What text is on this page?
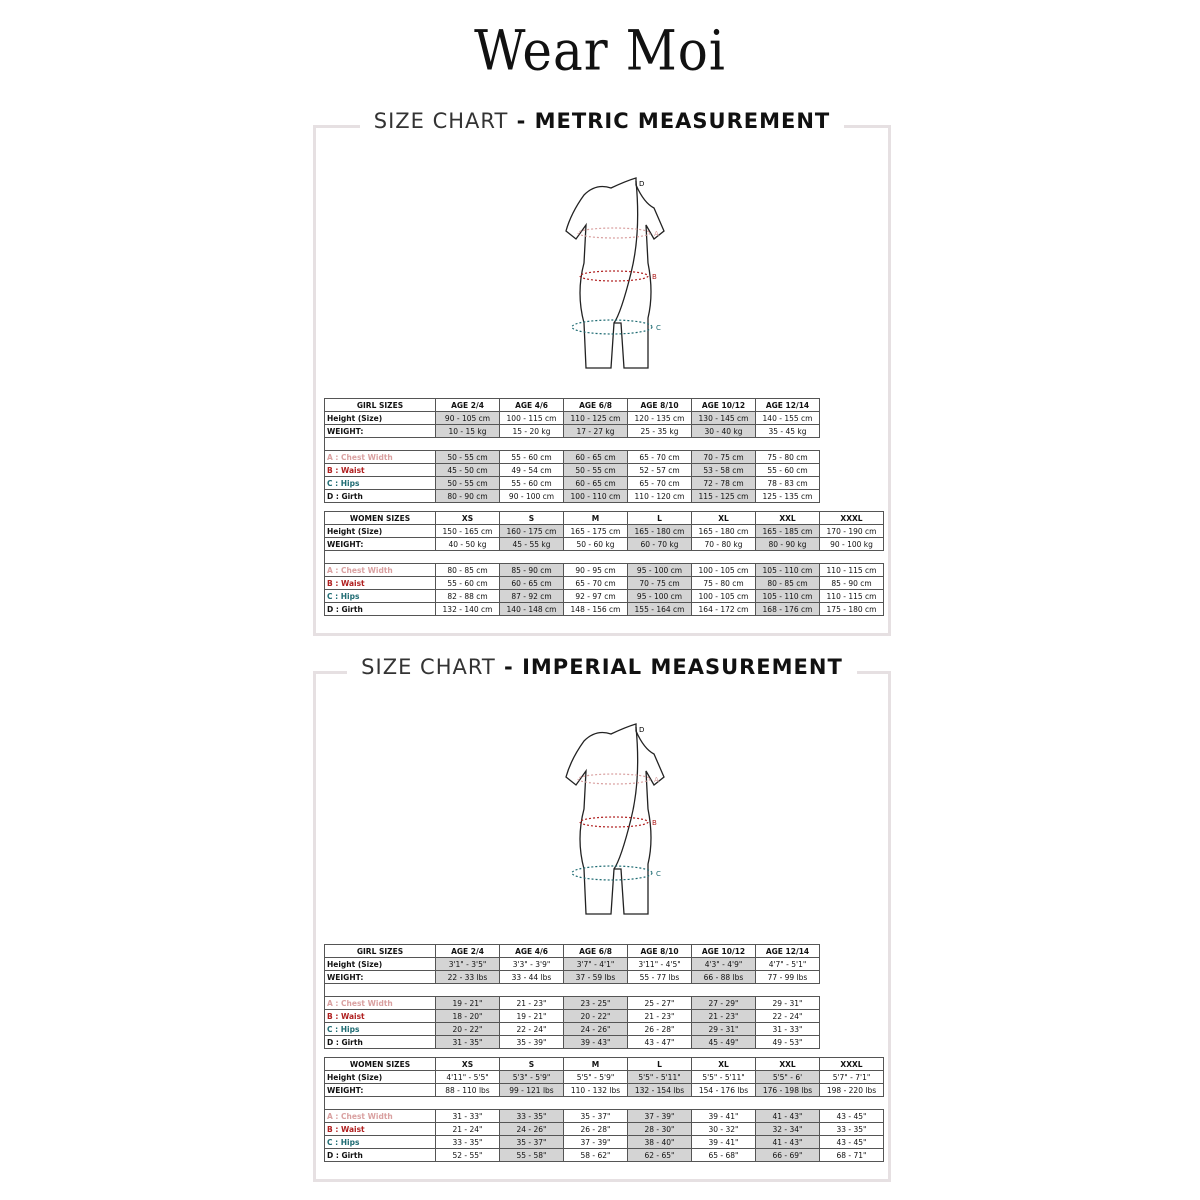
Wear Moi
SIZE CHART - METRIC MEASUREMENT
D
A
B
C
GIRL SIZES	AGE 2/4	AGE 4/6	AGE 6/8	AGE 8/10	AGE 10/12	AGE 12/14
Height (Size)	90 - 105 cm	100 - 115 cm	110 - 125 cm	120 - 135 cm	130 - 145 cm	140 - 155 cm
WEIGHT:	10 - 15 kg	15 - 20 kg	17 - 27 kg	25 - 35 kg	30 - 40 kg	35 - 45 kg

A : Chest Width	50 - 55 cm	55 - 60 cm	60 - 65 cm	65 - 70 cm	70 - 75 cm	75 - 80 cm
B : Waist	45 - 50 cm	49 - 54 cm	50 - 55 cm	52 - 57 cm	53 - 58 cm	55 - 60 cm
C : Hips	50 - 55 cm	55 - 60 cm	60 - 65 cm	65 - 70 cm	72 - 78 cm	78 - 83 cm
D : Girth	80 - 90 cm	90 - 100 cm	100 - 110 cm	110 - 120 cm	115 - 125 cm	125 - 135 cm
WOMEN SIZES	XS	S	M	L	XL	XXL	XXXL
Height (Size)	150 - 165 cm	160 - 175 cm	165 - 175 cm	165 - 180 cm	165 - 180 cm	165 - 185 cm	170 - 190 cm
WEIGHT:	40 - 50 kg	45 - 55 kg	50 - 60 kg	60 - 70 kg	70 - 80 kg	80 - 90 kg	90 - 100 kg

A : Chest Width	80 - 85 cm	85 - 90 cm	90 - 95 cm	95 - 100 cm	100 - 105 cm	105 - 110 cm	110 - 115 cm
B : Waist	55 - 60 cm	60 - 65 cm	65 - 70 cm	70 - 75 cm	75 - 80 cm	80 - 85 cm	85 - 90 cm
C : Hips	82 - 88 cm	87 - 92 cm	92 - 97 cm	95 - 100 cm	100 - 105 cm	105 - 110 cm	110 - 115 cm
D : Girth	132 - 140 cm	140 - 148 cm	148 - 156 cm	155 - 164 cm	164 - 172 cm	168 - 176 cm	175 - 180 cm
SIZE CHART - IMPERIAL MEASUREMENT
D
A
B
C
GIRL SIZES	AGE 2/4	AGE 4/6	AGE 6/8	AGE 8/10	AGE 10/12	AGE 12/14
Height (Size)	3'1" - 3'5"	3'3" - 3'9"	3'7" - 4'1"	3'11" - 4'5"	4'3" - 4'9"	4'7" - 5'1"
WEIGHT:	22 - 33 lbs	33 - 44 lbs	37 - 59 lbs	55 - 77 lbs	66 - 88 lbs	77 - 99 lbs

A : Chest Width	19 - 21"	21 - 23"	23 - 25"	25 - 27"	27 - 29"	29 - 31"
B : Waist	18 - 20"	19 - 21"	20 - 22"	21 - 23"	21 - 23"	22 - 24"
C : Hips	20 - 22"	22 - 24"	24 - 26"	26 - 28"	29 - 31"	31 - 33"
D : Girth	31 - 35"	35 - 39"	39 - 43"	43 - 47"	45 - 49"	49 - 53"
WOMEN SIZES	XS	S	M	L	XL	XXL	XXXL
Height (Size)	4'11" - 5'5"	5'3" - 5'9"	5'5" - 5'9"	5'5" - 5'11"	5'5" - 5'11"	5'5" - 6'	5'7" - 7'1"
WEIGHT:	88 - 110 lbs	99 - 121 lbs	110 - 132 lbs	132 - 154 lbs	154 - 176 lbs	176 - 198 lbs	198 - 220 lbs

A : Chest Width	31 - 33"	33 - 35"	35 - 37"	37 - 39"	39 - 41"	41 - 43"	43 - 45"
B : Waist	21 - 24"	24 - 26"	26 - 28"	28 - 30"	30 - 32"	32 - 34"	33 - 35"
C : Hips	33 - 35"	35 - 37"	37 - 39"	38 - 40"	39 - 41"	41 - 43"	43 - 45"
D : Girth	52 - 55"	55 - 58"	58 - 62"	62 - 65"	65 - 68"	66 - 69"	68 - 71"
